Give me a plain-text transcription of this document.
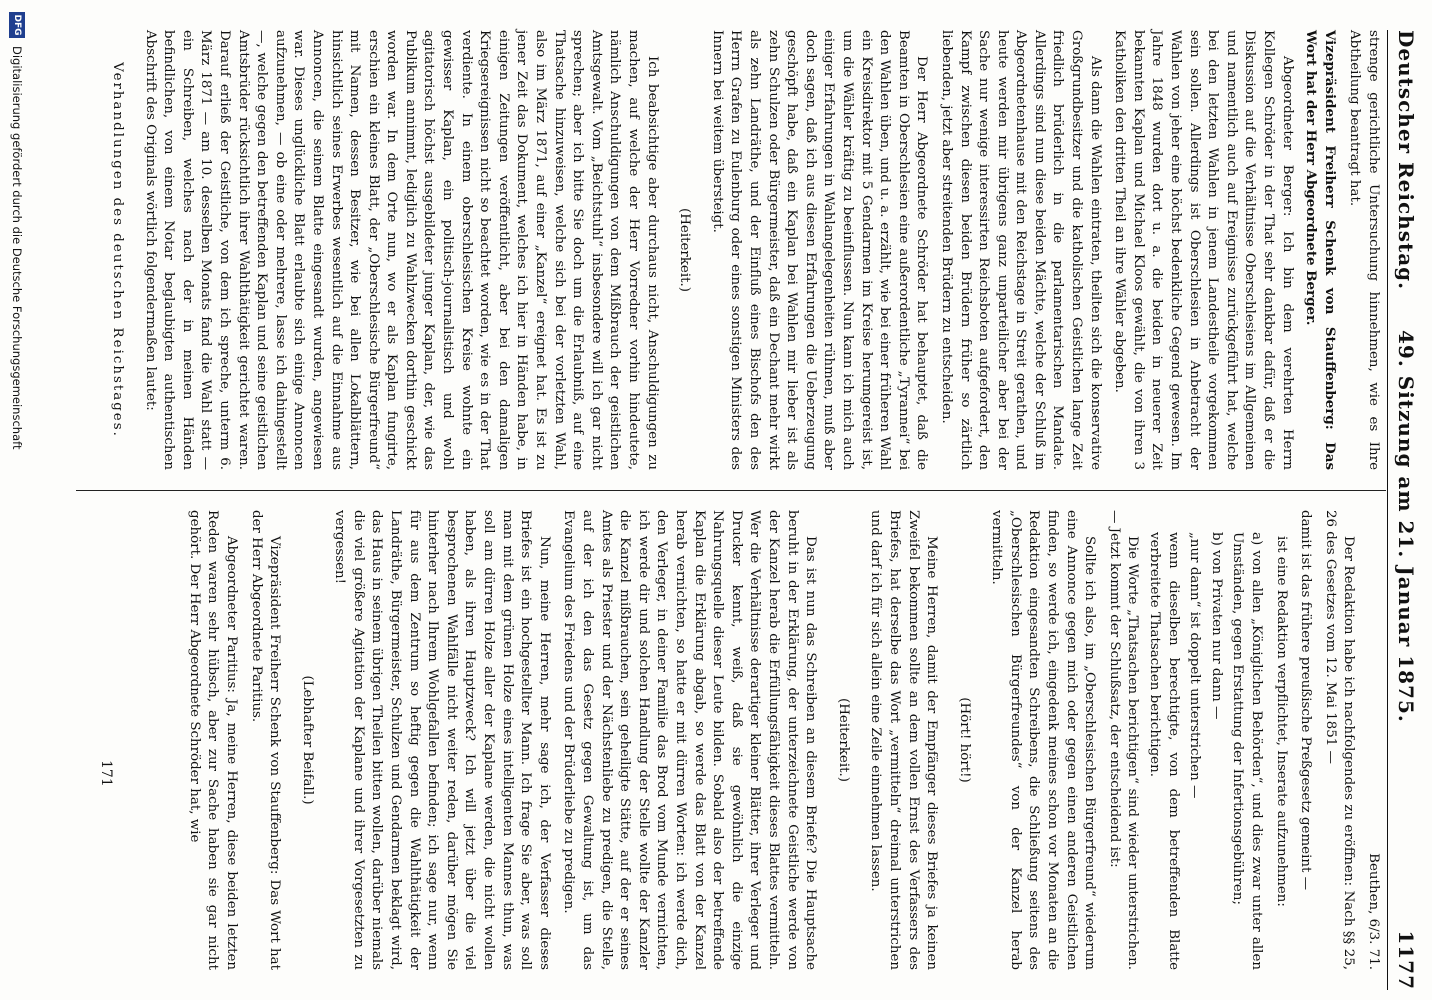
Deutscher Reichstag.
49. Sitzung am 21. Januar 1875.
1177

strenge gerichtliche Untersuchung hinnehmen, wie es Ihre Abtheilung beantragt hat.

Vizepräsident Freiherr Schenk von Stauffenberg: Das Wort hat der Herr Abgeordnete Berger.

Abgeordneter Berger: Ich bin dem verehrten Herrn Kollegen Schröder in der That sehr dankbar dafür, daß er die Diskussion auf die Verhältnisse Oberschlesiens im Allgemeinen und namentlich auch auf Ereignisse zurückgeführt hat, welche bei den letzten Wahlen in jenem Landestheile vorgekommen sein sollen. Allerdings ist Oberschlesien in Anbetracht der Wahlen von jeher eine höchst bedenkliche Gegend gewesen. Im Jahre 1848 wurden dort u. a. die beiden in neuerer Zeit bekannten Kaplan und Michael Kloos gewählt, die von ihren 3 Katholiken den dritten Theil an ihre Wähler abgeben.

Als dann die Wahlen eintraten, theilten sich die konservative Großgrundbesitzer und die katholischen Geistlichen lange Zeit friedlich brüderlich in die parlamentarischen Mandate. Allerdings sind nun diese beiden Mächte, welche der Schluß im Abgeordnetenhause mit den Reichstage in Streit gerathen, und heute werden mir übrigens ganz unparteilicher aber bei der Sache nur wenige interessirten Reichsboten aufgefordert, den Kampf zwischen diesen beiden Brüdern früher so zärtlich liebenden, jetzt aber streitenden Brüdern zu entscheiden.

Der Herr Abgeordnete Schröder hat behauptet, daß die Beamten in Oberschlesien eine außerordentliche „Tyrannei“ bei den Wahlen üben, und u. a. erzählt, wie bei einer früheren Wahl ein Kreisdirektor mit 5 Gendarmen im Kreise herumgereist ist, um die Wähler kräftig zu beeinflussen. Nun kann ich mich auch einiger Erfahrungen in Wahlangelegenheiten rühmen, muß aber doch sagen, daß ich aus diesen Erfahrungen die Ueberzeugung geschöpft habe, daß ein Kaplan bei Wahlen mir lieber ist als zehn Schulzen oder Bürgermeister, daß ein Dechant mehr wirkt als zehn Landräthe, und der Einfluß eines Bischofs den des Herrn Grafen zu Eulenburg oder eines sonstigen Ministers des Innern bei weitem übersteigt.

(Heiterkeit.)

Ich beabsichtige aber durchaus nicht, Anschuldigungen zu machen, auf welche der Herr Vorredner vorhin hindeutete, nämlich Anschuldigungen von dem Mißbrauch der geistlichen Amtsgewalt. Vom „Beichtstuhl“ insbesondere will ich gar nicht sprechen; aber ich bitte Sie doch um die Erlaubniß, auf eine Thatsache hinzuweisen, welche sich bei der vorletzten Wahl, also im März 1871, auf einer „Kanzel“ ereignet hat. Es ist zu jener Zeit das Dokument, welches ich hier in Händen habe, in einigen Zeitungen veröffentlicht, aber bei den damaligen Kriegsereignissen nicht so beachtet worden, wie es in der That verdiente. In einem oberschlesischen Kreise wohnte ein gewisser Kaplan, ein politisch-journalistisch und wohl agitatorisch höchst ausgebildeter junger Kaplan, der, wie das Publikum annimmt, lediglich zu Wahlzwecken dorthin geschickt worden war. In dem Orte nun, wo er als Kaplan fungirte, erschien ein kleines Blatt, der „Oberschlesische Bürgerfreund“ mit Namen, dessen Besitzer, wie bei allen Lokalblättern, hinsichtlich seines Erwerbes wesentlich auf die Einnahme aus Annoncen, die seinem Blatte eingesandt wurden, angewiesen war. Dieses unglückliche Blatt erlaubte sich einige Annoncen aufzunehmen, — ob eine oder mehrere, lasse ich dahingestellt —, welche gegen den betreffenden Kaplan und seine geistlichen Amtsbrüder rücksichtlich ihrer Wahlthätigkeit gerichtet waren. Darauf erließ der Geistliche, von dem ich spreche, unterm 6. März 1871 — am 10. desselben Monats fand die Wahl statt — ein Schreiben, welches nach der in meinen Händen befindlichen, von einem Notar beglaubigten authentischen Abschrift des Originals wörtlich folgendermaßen lautet:

Verhandlungen des deutschen Reichstages.

Beuthen, 6/3. 71.

Der Redaktion habe ich nachfolgendes zu eröffnen: Nach §§ 25, 26 des Gesetzes vom 12. Mai 1851 —

damit ist das frühere preußische Preßgesetz gemeint —

ist eine Redaktion verpflichtet, Inserate aufzunehmen:

a) von allen „Königlichen Behörden“, und dies zwar unter allen Umständen, gegen Erstattung der Infertionsgebühren;

b) von Privaten nur dann —

„nur dann“ ist doppelt unterstrichen —

wenn dieselben berechtigte, von dem betreffenden Blatte verbreitete Thatsachen berichtigen.

Die Worte „Thatsachen berichtigen“ sind wieder unterstrichen. — Jetzt kommt der Schlußsatz, der entscheidend ist:

Sollte ich also, im „Oberschlesischen Bürgerfreund“ wiederum eine Annonce gegen mich oder gegen einen anderen Geistlichen finden, so werde ich, eingedenk meines schon vor Monaten an die Redaktion eingesandten Schreibens, die Schließung seitens des „Oberschlesischen Bürgerfreundes“ von der Kanzel herab vermitteln.

(Hört! hört!)

Meine Herren, damit der Empfänger dieses Briefes ja keinen Zweifel bekommen sollte an dem vollen Ernst des Verfassers des Briefes, hat derselbe das Wort „vermitteln“ dreimal unterstrichen und darf ich für sich allein eine Zeile einnehmen lassen.

(Heiterkeit.)

Das ist nun das Schreiben an diesem Briefe? Die Hauptsache beruht in der Erklärung, der unterzeichnete Geistliche werde von der Kanzel herab die Erfüllungsfähigkeit dieses Blattes vermitteln. Wer die Verhältnisse derartiger kleiner Blätter, ihrer Verleger und Drucker kennt, weiß, daß sie gewöhnlich die einzige Nahrungsquelle dieser Leute bilden. Sobald also der betreffende Kaplan die Erklärung abgab, so werde das Blatt von der Kanzel herab vernichten, so hatte er mit dürren Worten: ich werde dich, den Verleger, in deiner Familie das Brod vom Munde vernichten, ich werde dir und solchen Handlung der Stelle wollte der Kanzler die Kanzel mißbrauchen, sein geheiligte Stätte, auf der er seines Amtes als Priester und der Nächstenliebe zu predigen, die Stelle, auf der ich den das Gesetz gegen Gewaltung ist, um das Evangelium des Friedens und der Brüderliebe zu predigen.

Nun, meine Herren, mehr sage ich, der Verfasser dieses Briefes ist ein hochgestellter Mann. Ich frage Sie aber, was soll man mit dem grünen Holze eines intelligenten Mannes thun, was soll am dürren Holze aller der Kaplane werden, die nicht wollen haben, als ihren Hauptzweck? Ich will jetzt über die viel besprochenen Wahlfälle nicht weiter reden, darüber mögen Sie hinterher nach Ihrem Wohlgefallen befinden; ich sage nur, wenn für aus dem Zentrum so heftig gegen die Wahlthätigkeit der Landräthe, Bürgermeister, Schulzen und Gendarmen beklagt wird, das Haus in seinem übrigen Theilen bitten wollen, darüber niemals die viel größere Agitation der Kaplane und ihrer Vorgesetzten zu vergessen!

(Lebhafter Beifall.)

Vizepräsident Freiherr Schenk von Stauffenberg: Das Wort hat der Herr Abgeordnete Paritius.

Abgeordneter Paritius: Ja, meine Herren, diese beiden letzten Reden waren sehr hübsch, aber zur Sache haben sie gar nicht gehört. Der Herr Abgeordnete Schröder hat, wie

171
DFG
Digitalisierung gefördert durch die Deutsche Forschungsgemeinschaft
